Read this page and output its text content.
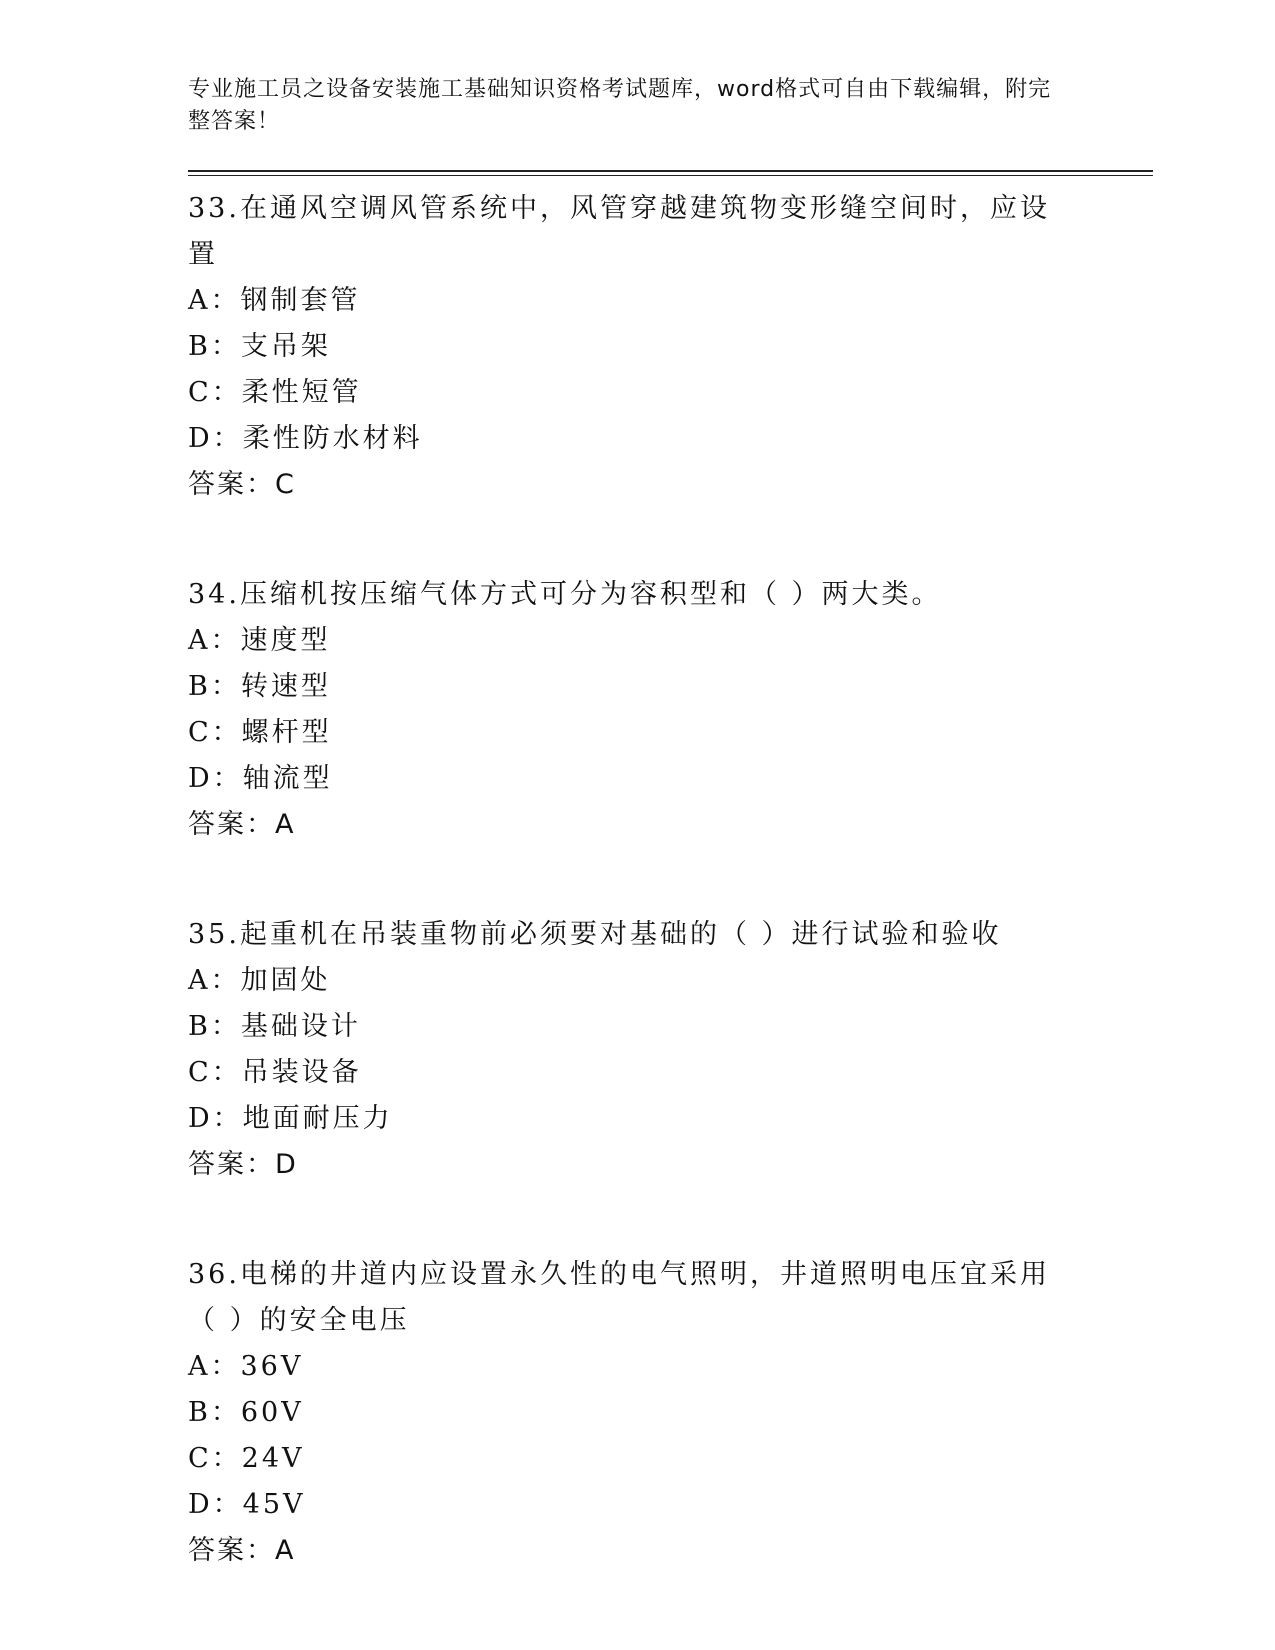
专业施工员之设备安装施工基础知识资格考试题库，word格式可自由下载编辑，附完整答案！

33.在通风空调风管系统中，风管穿越建筑物变形缝空间时，应设置

A：钢制套管

B：支吊架

C：柔性短管

D：柔性防水材料

答案：C

34.压缩机按压缩气体方式可分为容积型和（ ）两大类。

A：速度型

B：转速型

C：螺杆型

D：轴流型

答案：A

35.起重机在吊装重物前必须要对基础的（ ）进行试验和验收

A：加固处

B：基础设计

C：吊装设备

D：地面耐压力

答案：D

36.电梯的井道内应设置永久性的电气照明，井道照明电压宜采用（ ）的安全电压

A：36V

B：60V

C：24V

D：45V

答案：A
